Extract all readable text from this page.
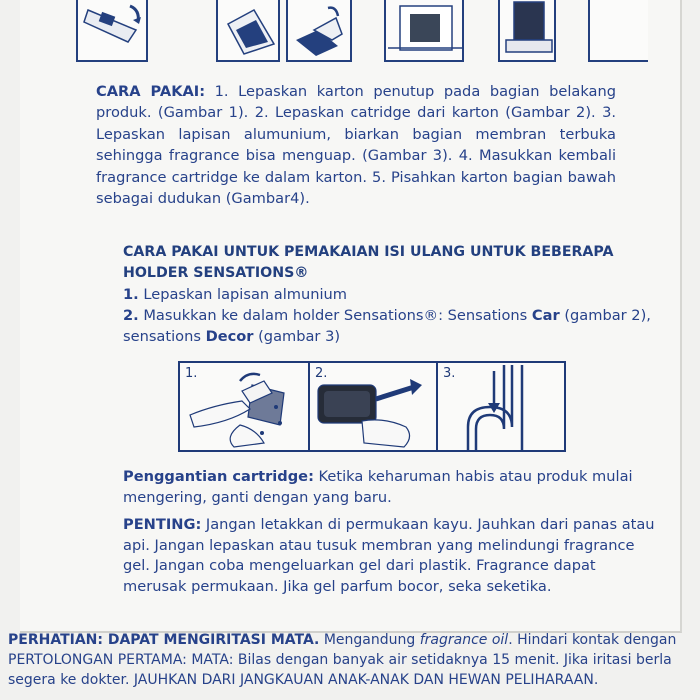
CARA PAKAI: 1. Lepaskan karton penutup pada bagian belakang produk. (Gambar 1). 2. Lepaskan catridge dari karton (Gambar 2). 3. Lepaskan lapisan alumunium, biarkan bagian membran terbuka sehingga fragrance bisa menguap. (Gambar 3). 4. Masukkan kembali fragrance cartridge ke dalam karton. 5. Pisahkan karton bagian bawah sebagai dudukan (Gambar4).

CARA PAKAI UNTUK PEMAKAIAN ISI ULANG UNTUK BEBERAPA HOLDER SENSATIONS®
1. Lepaskan lapisan almunium
2. Masukkan ke dalam holder Sensations®: Sensations Car (gambar 2), sensations Decor (gambar 3)
1.	2.	3.
Penggantian cartridge: Ketika keharuman habis atau produk mulai mengering, ganti dengan yang baru.
PENTING: Jangan letakkan di permukaan kayu. Jauhkan dari panas atau api. Jangan lepaskan atau tusuk membran yang melindungi fragrance gel. Jangan coba mengeluarkan gel dari plastik. Fragrance dapat merusak permukaan. Jika gel parfum bocor, seka seketika.
PERHATIAN: DAPAT MENGIRITASI MATA. Mengandung fragrance oil. Hindari kontak dengan
PERTOLONGAN PERTAMA: MATA: Bilas dengan banyak air setidaknya 15 menit. Jika iritasi berla
segera ke dokter. JAUHKAN DARI JANGKAUAN ANAK-ANAK DAN HEWAN PELIHARAAN.
